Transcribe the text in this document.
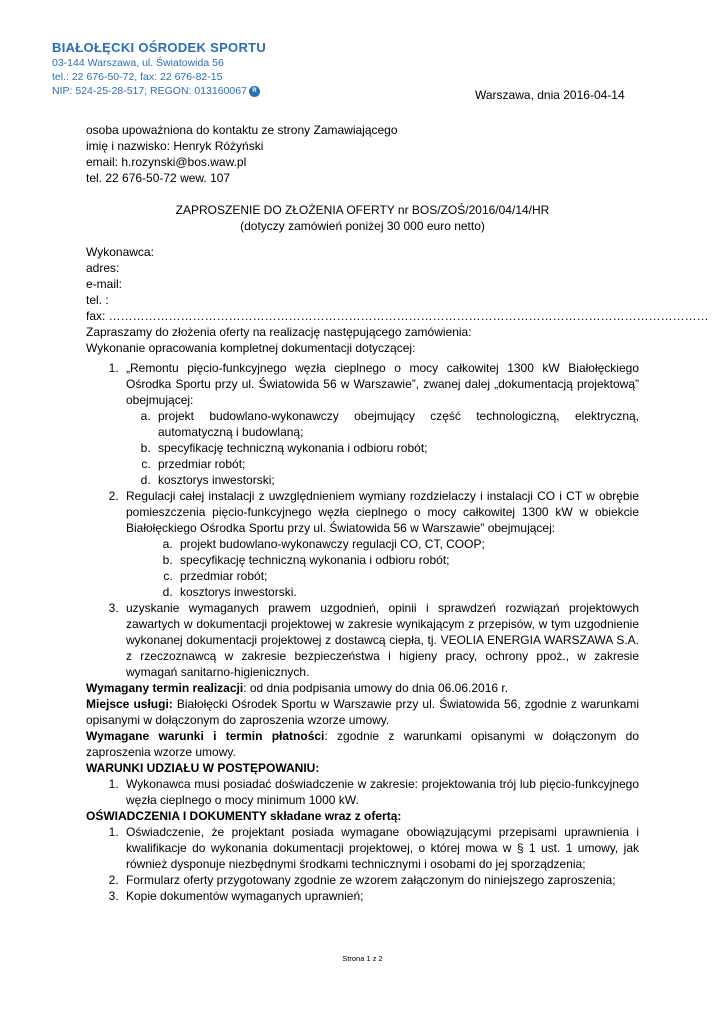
BIAŁOŁĘCKI OŚRODEK SPORTU
03-144 Warszawa, ul. Światowida 56
tel.: 22 676-50-72, fax: 22 676-82-15
NIP: 524-25-28-517; REGON: 013160067 R	Warszawa, dnia 2016-04-14

osoba upoważniona do kontaktu ze strony Zamawiającego

imię i nazwisko: Henryk Różyński

email: h.rozynski@bos.waw.pl

tel. 22 676-50-72 wew. 107

ZAPROSZENIE DO ZŁOŻENIA OFERTY nr BOS/ZOŚ/2016/04/14/HR

(dotyczy zamówień poniżej 30 000 euro netto)

Wykonawca:

adres:

e-mail:

tel. :

fax: ……………………………………………………………………………………………………………………………………

Zapraszamy do złożenia oferty na realizację następującego zamówienia:

Wykonanie opracowania kompletnej dokumentacji dotyczącej:

1. „Remontu pięcio-funkcyjnego węzła cieplnego o mocy całkowitej 1300 kW Białołęckiego Ośrodka Sportu przy ul. Światowida 56 w Warszawie”, zwanej dalej „dokumentacją projektową” obejmującej:
a. projekt budowlano-wykonawczy obejmujący część technologiczną, elektryczną, automatyczną i budowlaną;
b. specyfikację techniczną wykonania i odbioru robót;
c. przedmiar robót;
d. kosztorys inwestorski;
2. Regulacji całej instalacji z uwzględnieniem wymiany rozdzielaczy i instalacji CO i CT w obrębie pomieszczenia pięcio-funkcyjnego węzła cieplnego o mocy całkowitej 1300 kW w obiekcie Białołęckiego Ośrodka Sportu przy ul. Światowida 56 w Warszawie” obejmującej:
a. projekt budowlano-wykonawczy regulacji CO, CT, COOP;
b. specyfikację techniczną wykonania i odbioru robót;
c. przedmiar robót;
d. kosztorys inwestorski.
3. uzyskanie wymaganych prawem uzgodnień, opinii i sprawdzeń rozwiązań projektowych zawartych w dokumentacji projektowej w zakresie wynikającym z przepisów, w tym uzgodnienie wykonanej dokumentacji projektowej z dostawcą ciepła, tj. VEOLIA ENERGIA WARSZAWA S.A. z rzeczoznawcą w zakresie bezpieczeństwa i higieny pracy, ochrony ppoż., w zakresie wymagań sanitarno-higienicznych.

Wymagany termin realizacji: od dnia podpisania umowy do dnia 06.06.2016 r.

Miejsce usługi: Białołęcki Ośrodek Sportu w Warszawie przy ul. Światowida 56, zgodnie z warunkami opisanymi w dołączonym do zaproszenia wzorze umowy.

Wymagane warunki i termin płatności: zgodnie z warunkami opisanymi w dołączonym do zaproszenia wzorze umowy.

WARUNKI UDZIAŁU W POSTĘPOWANIU:

1. Wykonawca musi posiadać doświadczenie w zakresie: projektowania trój lub pięcio-funkcyjnego węzła cieplnego o mocy minimum 1000 kW.

OŚWIADCZENIA I DOKUMENTY składane wraz z ofertą:

1. Oświadczenie, że projektant posiada wymagane obowiązującymi przepisami uprawnienia i kwalifikacje do wykonania dokumentacji projektowej, o której mowa w § 1 ust. 1 umowy, jak również dysponuje niezbędnymi środkami technicznymi i osobami do jej sporządzenia;
2. Formularz oferty przygotowany zgodnie ze wzorem załączonym do niniejszego zaproszenia;
3. Kopie dokumentów wymaganych uprawnień;
Strona 1 z 2
